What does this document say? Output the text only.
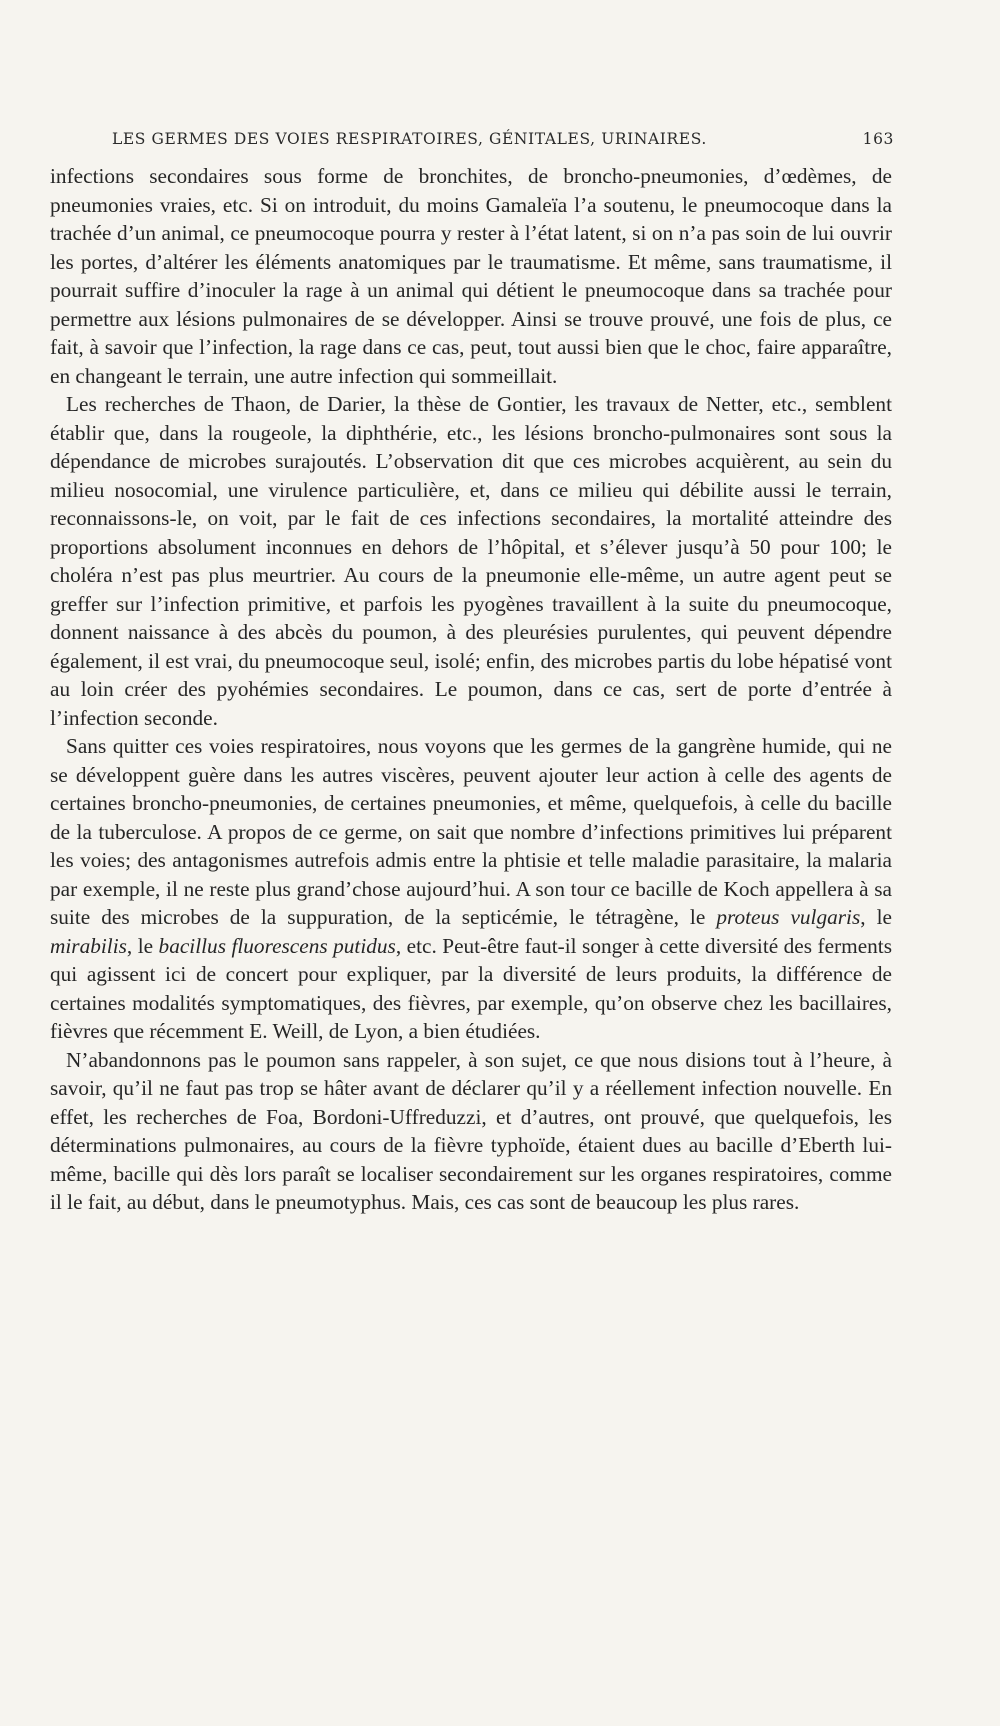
LES GERMES DES VOIES RESPIRATOIRES, GÉNITALES, URINAIRES.	163

infections secondaires sous forme de bronchites, de broncho-pneumonies, d’œdèmes, de pneumonies vraies, etc. Si on introduit, du moins Gamaleïa l’a soutenu, le pneumocoque dans la trachée d’un animal, ce pneumocoque pourra y rester à l’état latent, si on n’a pas soin de lui ouvrir les portes, d’altérer les éléments anatomiques par le traumatisme. Et même, sans traumatisme, il pourrait suffire d’inoculer la rage à un animal qui détient le pneumocoque dans sa trachée pour permettre aux lésions pulmonaires de se développer. Ainsi se trouve prouvé, une fois de plus, ce fait, à savoir que l’infection, la rage dans ce cas, peut, tout aussi bien que le choc, faire apparaître, en changeant le terrain, une autre infection qui sommeillait.

Les recherches de Thaon, de Darier, la thèse de Gontier, les travaux de Netter, etc., semblent établir que, dans la rougeole, la diphthérie, etc., les lésions broncho-pulmonaires sont sous la dépendance de microbes surajoutés. L’observation dit que ces microbes acquièrent, au sein du milieu nosocomial, une virulence particulière, et, dans ce milieu qui débilite aussi le terrain, reconnaissons-le, on voit, par le fait de ces infections secondaires, la mortalité atteindre des proportions absolument inconnues en dehors de l’hôpital, et s’élever jusqu’à 50 pour 100; le choléra n’est pas plus meurtrier. Au cours de la pneumonie elle-même, un autre agent peut se greffer sur l’infection primitive, et parfois les pyogènes travaillent à la suite du pneumocoque, donnent naissance à des abcès du poumon, à des pleurésies purulentes, qui peuvent dépendre également, il est vrai, du pneumocoque seul, isolé; enfin, des microbes partis du lobe hépatisé vont au loin créer des pyohémies secondaires. Le poumon, dans ce cas, sert de porte d’entrée à l’infection seconde.

Sans quitter ces voies respiratoires, nous voyons que les germes de la gangrène humide, qui ne se développent guère dans les autres viscères, peuvent ajouter leur action à celle des agents de certaines broncho-pneumonies, de certaines pneumonies, et même, quelquefois, à celle du bacille de la tuberculose. A propos de ce germe, on sait que nombre d’infections primitives lui préparent les voies; des antagonismes autrefois admis entre la phtisie et telle maladie parasitaire, la malaria par exemple, il ne reste plus grand’chose aujourd’hui. A son tour ce bacille de Koch appellera à sa suite des microbes de la suppuration, de la septicémie, le tétragène, le proteus vulgaris, le mirabilis, le bacillus fluorescens putidus, etc. Peut-être faut-il songer à cette diversité des ferments qui agissent ici de concert pour expliquer, par la diversité de leurs produits, la différence de certaines modalités symptomatiques, des fièvres, par exemple, qu’on observe chez les bacillaires, fièvres que récemment E. Weill, de Lyon, a bien étudiées.

N’abandonnons pas le poumon sans rappeler, à son sujet, ce que nous disions tout à l’heure, à savoir, qu’il ne faut pas trop se hâter avant de déclarer qu’il y a réellement infection nouvelle. En effet, les recherches de Foa, Bordoni-Uffreduzzi, et d’autres, ont prouvé, que quelquefois, les déterminations pulmonaires, au cours de la fièvre typhoïde, étaient dues au bacille d’Eberth lui-même, bacille qui dès lors paraît se localiser secondairement sur les organes respiratoires, comme il le fait, au début, dans le pneumotyphus. Mais, ces cas sont de beaucoup les plus rares.
